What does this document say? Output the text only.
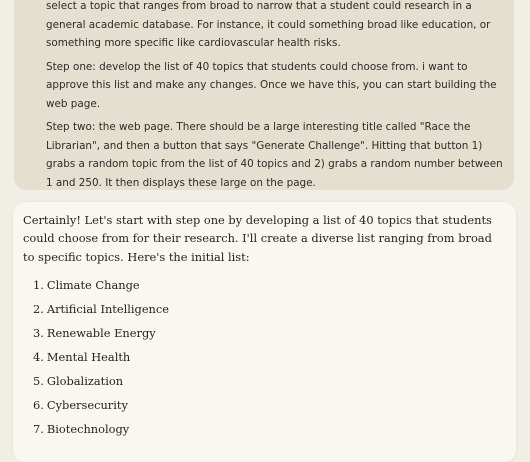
select a topic that ranges from broad to narrow that a student could research in a general academic database. For instance, it could something broad like education, or something more specific like cardiovascular health risks.

Step one: develop the list of 40 topics that students could choose from. i want to approve this list and make any changes. Once we have this, you can start building the web page.

Step two: the web page. There should be a large interesting title called "Race the Librarian", and then a button that says "Generate Challenge". Hitting that button 1) grabs a random topic from the list of 40 topics and 2) grabs a random number between 1 and 250. It then displays these large on the page.

Certainly! Let's start with step one by developing a list of 40 topics that students could choose from for their research. I'll create a diverse list ranging from broad to specific topics. Here's the initial list:

1. Climate Change
2. Artificial Intelligence
3. Renewable Energy
4. Mental Health
5. Globalization
6. Cybersecurity
7. Biotechnology
